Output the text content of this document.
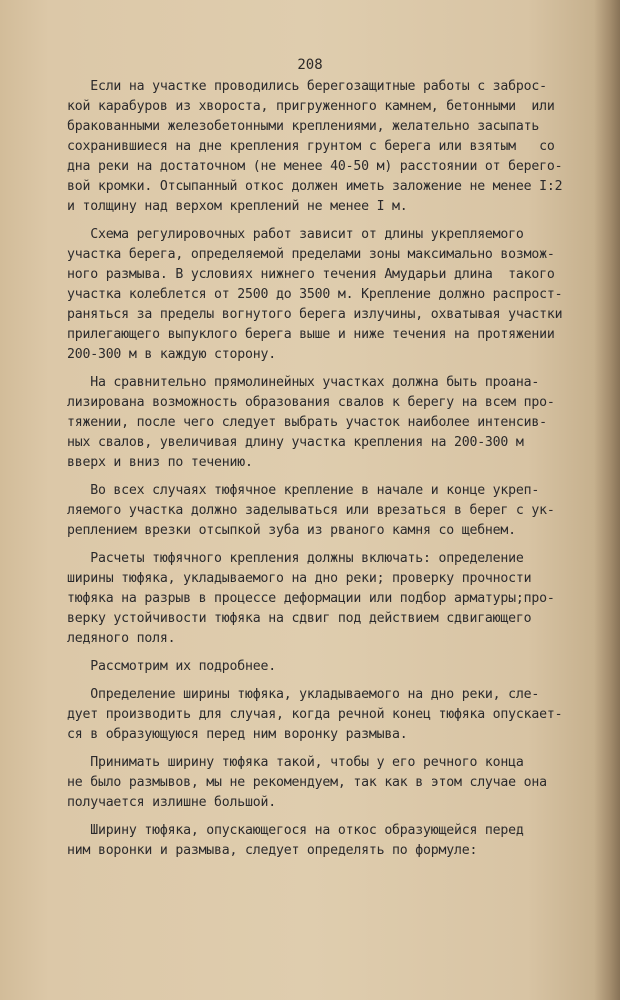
208
Если на участке проводились берегозащитные работы с заброс-
кой карабуров из хвороста, пригруженного камнем, бетонными  или
бракованными железобетонными креплениями, желательно засыпать
сохранившиеся на дне крепления грунтом с берега или взятым   со
дна реки на достаточном (не менее 40-50 м) расстоянии от берего-
вой кромки. Отсыпанный откос должен иметь заложение не менее I:2
и толщину над верхом креплений не менее I м.
Схема регулировочных работ зависит от длины укрепляемого
участка берега, определяемой пределами зоны максимально возмож-
ного размыва. В условиях нижнего течения Амударьи длина  такого
участка колеблется от 2500 до 3500 м. Крепление должно распрост-
раняться за пределы вогнутого берега излучины, охватывая участки
прилегающего выпуклого берега выше и ниже течения на протяжении
200-300 м в каждую сторону.
На сравнительно прямолинейных участках должна быть проана-
лизирована возможность образования свалов к берегу на всем про-
тяжении, после чего следует выбрать участок наиболее интенсив-
ных свалов, увеличивая длину участка крепления на 200-300 м
вверх и вниз по течению.
Во всех случаях тюфячное крепление в начале и конце укреп-
ляемого участка должно заделываться или врезаться в берег с ук-
реплением врезки отсыпкой зуба из рваного камня со щебнем.
Расчеты тюфячного крепления должны включать: определение
ширины тюфяка, укладываемого на дно реки; проверку прочности
тюфяка на разрыв в процессе деформации или подбор арматуры;про-
верку устойчивости тюфяка на сдвиг под действием сдвигающего
ледяного поля.
Рассмотрим их подробнее.
Определение ширины тюфяка, укладываемого на дно реки, сле-
дует производить для случая, когда речной конец тюфяка опускает-
ся в образующуюся перед ним воронку размыва.
Принимать ширину тюфяка такой, чтобы у его речного конца
не было размывов, мы не рекомендуем, так как в этом случае она
получается излишне большой.
Ширину тюфяка, опускающегося на откос образующейся перед
ним воронки и размыва, следует определять по формуле:
